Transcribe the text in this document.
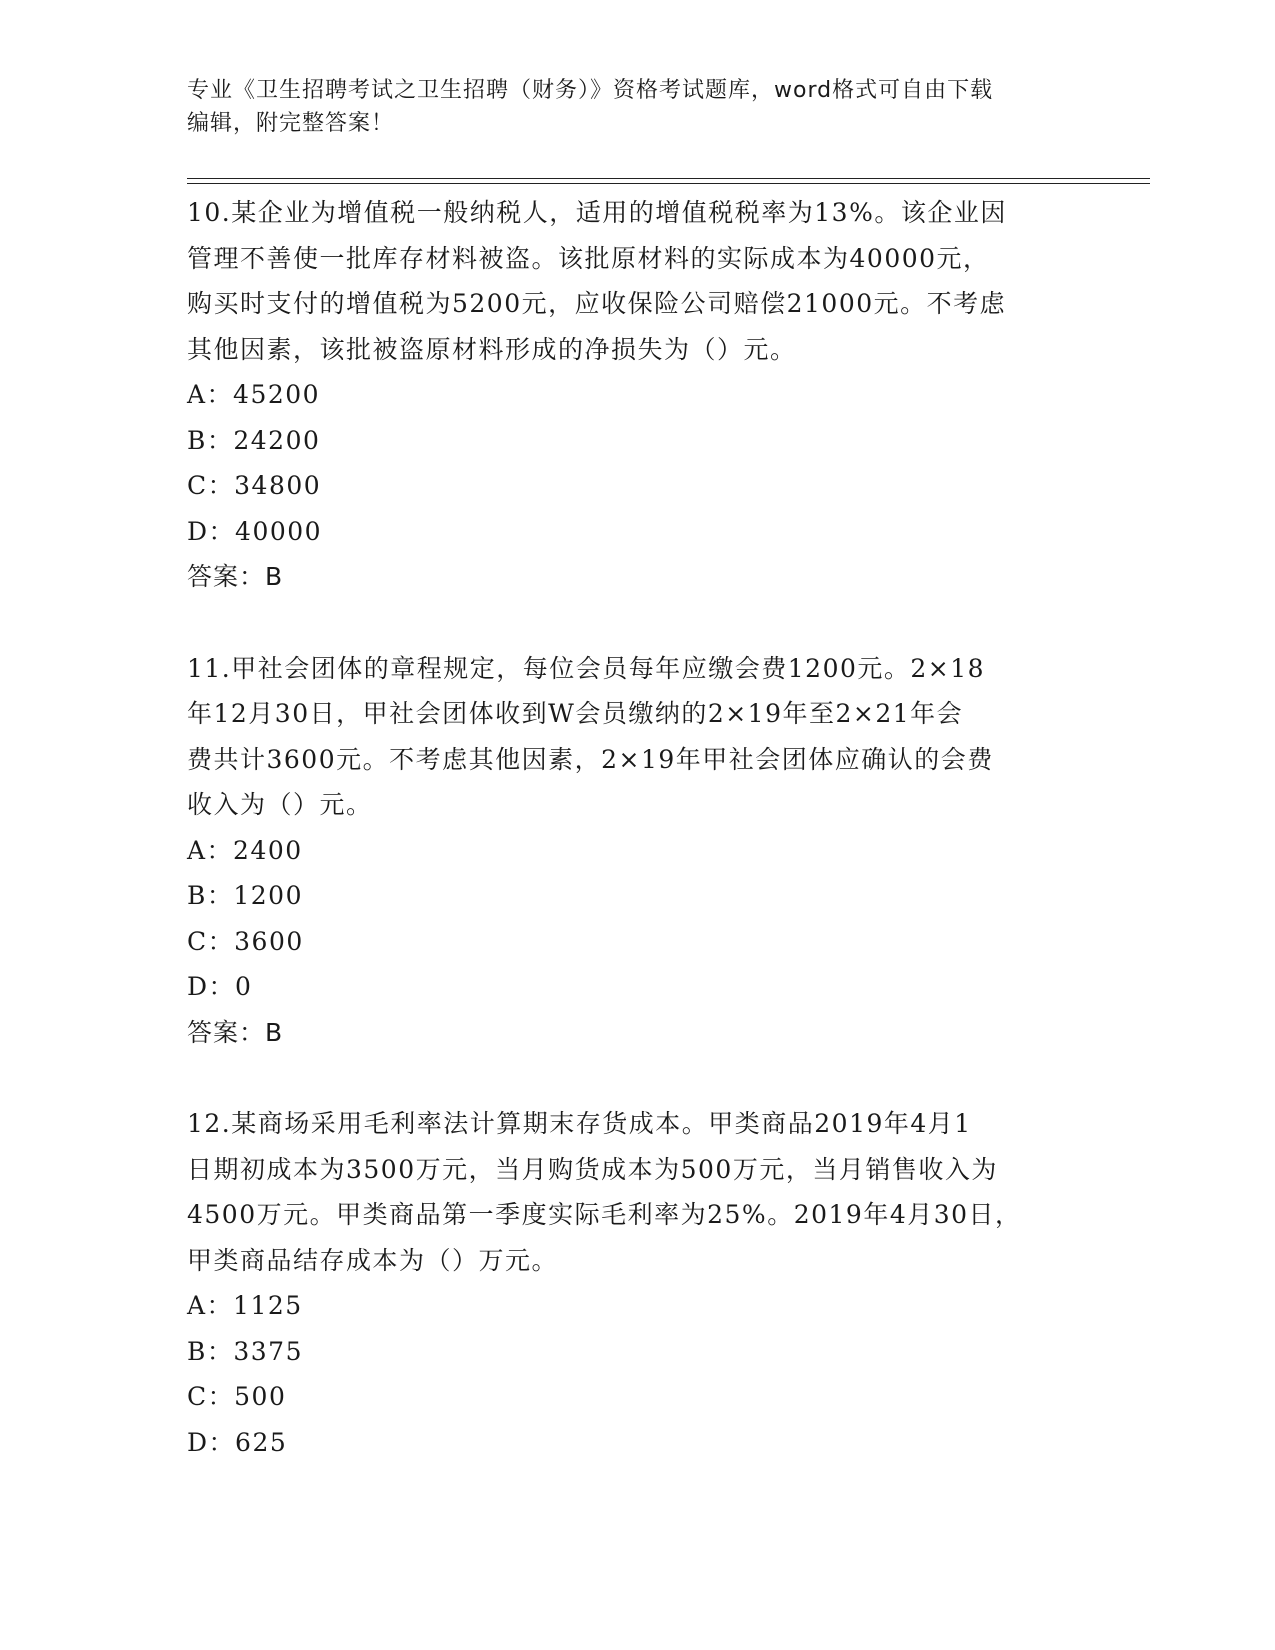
专业《卫生招聘考试之卫生招聘（财务）》资格考试题库，word格式可自由下载
编辑，附完整答案！

10.某企业为增值税一般纳税人，适用的增值税税率为13%。该企业因

管理不善使一批库存材料被盗。该批原材料的实际成本为40000元，

购买时支付的增值税为5200元，应收保险公司赔偿21000元。不考虑

其他因素，该批被盗原材料形成的净损失为（）元。

A：45200

B：24200

C：34800

D：40000

答案：B

11.甲社会团体的章程规定，每位会员每年应缴会费1200元。2×18

年12月30日，甲社会团体收到W会员缴纳的2×19年至2×21年会

费共计3600元。不考虑其他因素，2×19年甲社会团体应确认的会费

收入为（）元。

A：2400

B：1200

C：3600

D：0

答案：B

12.某商场采用毛利率法计算期末存货成本。甲类商品2019年4月1

日期初成本为3500万元，当月购货成本为500万元，当月销售收入为

4500万元。甲类商品第一季度实际毛利率为25%。2019年4月30日，

甲类商品结存成本为（）万元。

A：1125

B：3375

C：500

D：625
